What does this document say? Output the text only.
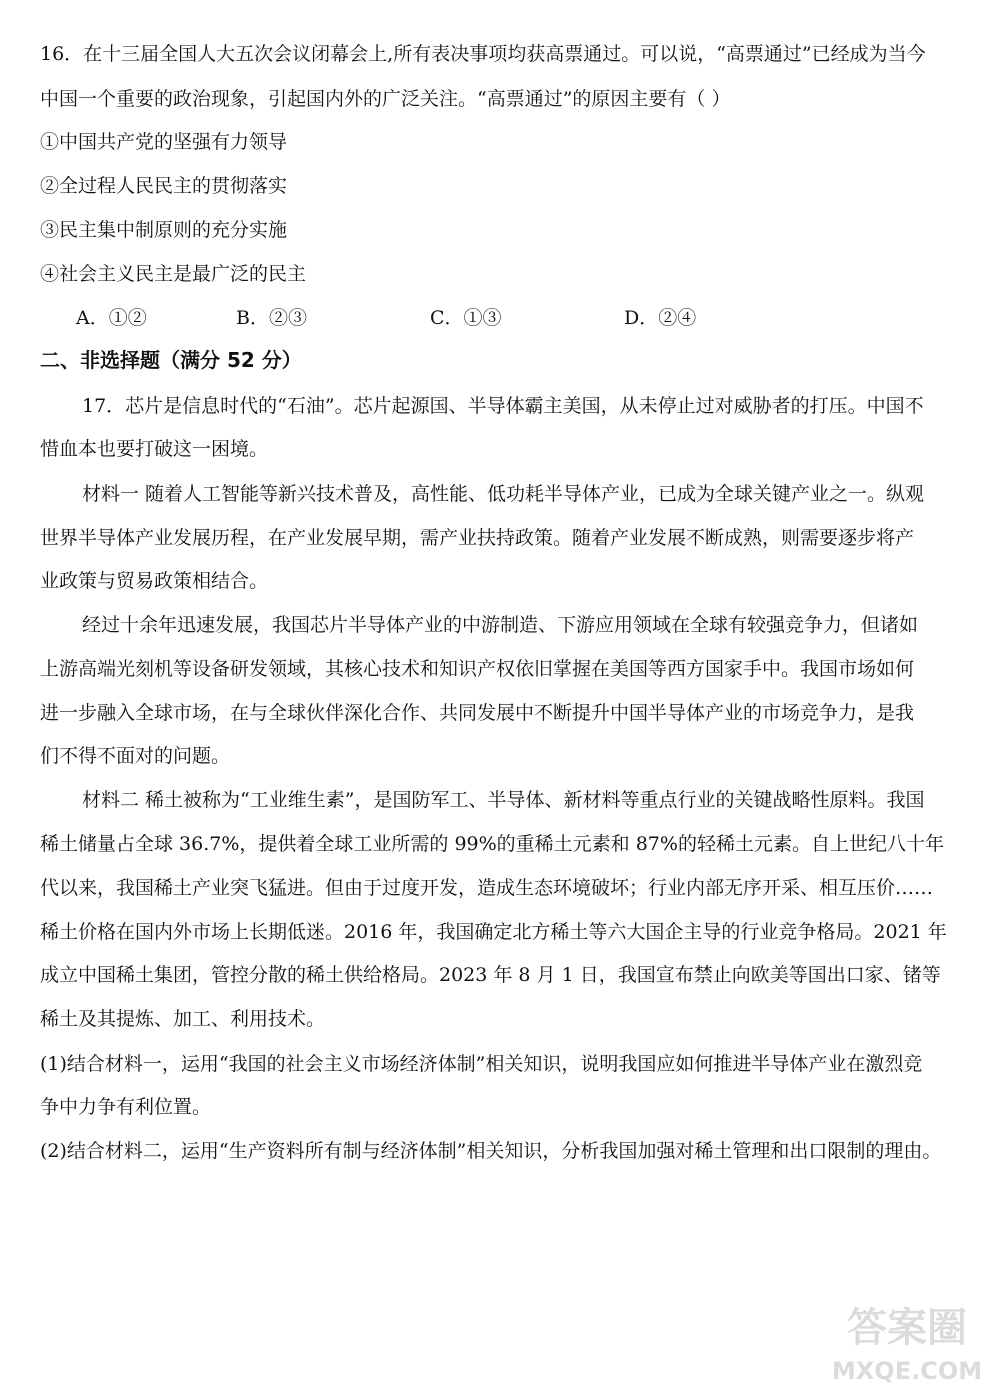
16．在十三届全国人大五次会议闭幕会上,所有表决事项均获高票通过。可以说，“高票通过”已经成为当今
中国一个重要的政治现象，引起国内外的广泛关注。“高票通过”的原因主要有（ ）
①中国共产党的坚强有力领导
②全过程人民民主的贯彻落实
③民主集中制原则的充分实施
④社会主义民主是最广泛的民主
A．①②	B．②③	C．①③	D．②④
二、非选择题（满分 52 分）
17．芯片是信息时代的“石油”。芯片起源国、半导体霸主美国，从未停止过对威胁者的打压。中国不
惜血本也要打破这一困境。
材料一 随着人工智能等新兴技术普及，高性能、低功耗半导体产业，已成为全球关键产业之一。纵观
世界半导体产业发展历程，在产业发展早期，需产业扶持政策。随着产业发展不断成熟，则需要逐步将产
业政策与贸易政策相结合。
经过十余年迅速发展，我国芯片半导体产业的中游制造、下游应用领域在全球有较强竞争力，但诸如
上游高端光刻机等设备研发领域，其核心技术和知识产权依旧掌握在美国等西方国家手中。我国市场如何
进一步融入全球市场，在与全球伙伴深化合作、共同发展中不断提升中国半导体产业的市场竞争力，是我
们不得不面对的问题。
材料二 稀土被称为“工业维生素”，是国防军工、半导体、新材料等重点行业的关键战略性原料。我国
稀土储量占全球 36.7%，提供着全球工业所需的 99%的重稀土元素和 87%的轻稀土元素。自上世纪八十年
代以来，我国稀土产业突飞猛进。但由于过度开发，造成生态环境破坏；行业内部无序开采、相互压价……
稀土价格在国内外市场上长期低迷。2016 年，我国确定北方稀土等六大国企主导的行业竞争格局。2021 年
成立中国稀土集团，管控分散的稀土供给格局。2023 年 8 月 1 日，我国宣布禁止向欧美等国出口家、锗等
稀土及其提炼、加工、利用技术。
(1)结合材料一，运用“我国的社会主义市场经济体制”相关知识，说明我国应如何推进半导体产业在激烈竞
争中力争有利位置。
(2)结合材料二，运用“生产资料所有制与经济体制”相关知识，分析我国加强对稀土管理和出口限制的理由。
答案圈
MXQE.COM
